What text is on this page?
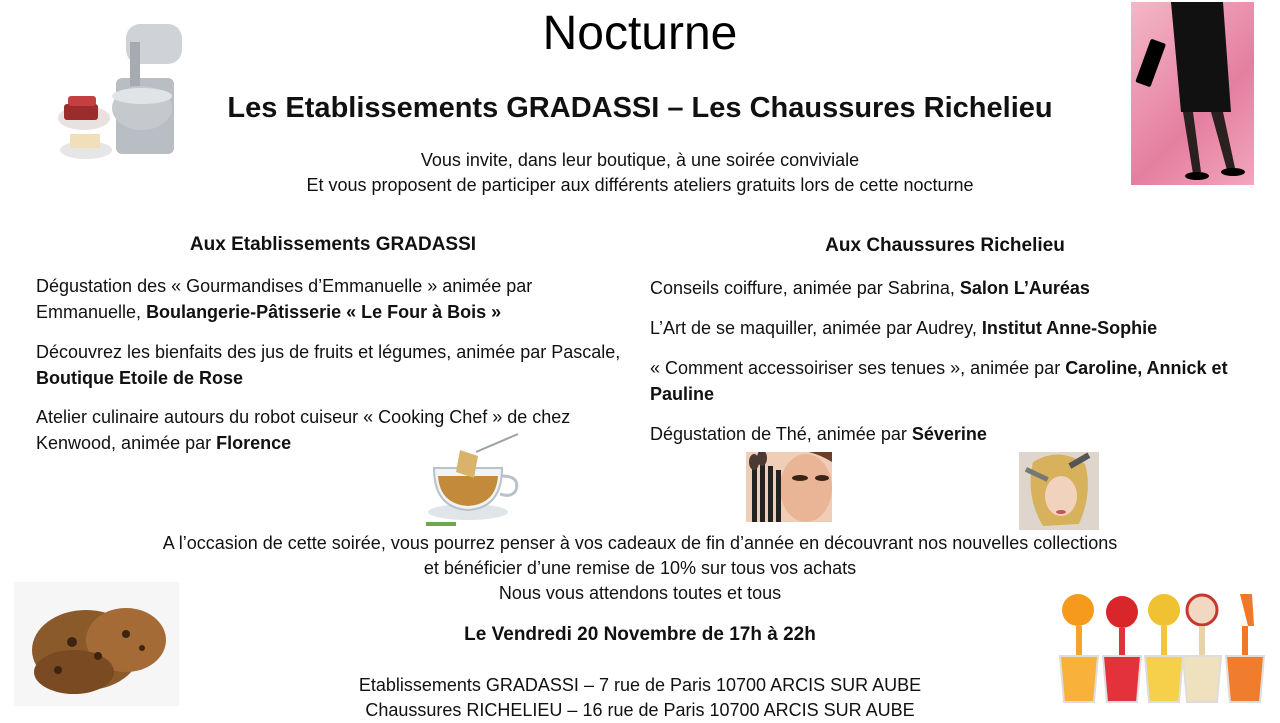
Nocturne
Les Etablissements GRADASSI – Les Chaussures Richelieu
Vous invite, dans leur boutique, à une soirée conviviale
Et vous proposent de participer aux différents ateliers gratuits lors de cette nocturne
Aux Etablissements GRADASSI
Dégustation des « Gourmandises d’Emmanuelle » animée par Emmanuelle, Boulangerie-Pâtisserie « Le Four à Bois »
Découvrez les bienfaits des jus de fruits et légumes, animée par Pascale, Boutique Etoile de Rose
Atelier culinaire autours du robot cuiseur « Cooking Chef » de chez Kenwood, animée par Florence
Aux Chaussures Richelieu
Conseils coiffure, animée par Sabrina, Salon L’Auréas
L’Art de se maquiller, animée par Audrey, Institut Anne-Sophie
« Comment accessoiriser ses tenues », animée par Caroline, Annick et Pauline
Dégustation de Thé, animée par Séverine
A l’occasion de cette soirée, vous pourrez penser à vos cadeaux de fin d’année en découvrant nos nouvelles collections
et bénéficier d’une remise de 10% sur tous vos achats
Nous vous attendons toutes et tous
Le Vendredi 20 Novembre de 17h à 22h
Etablissements GRADASSI – 7 rue de Paris 10700 ARCIS SUR AUBE
Chaussures RICHELIEU – 16 rue de Paris 10700 ARCIS SUR AUBE
